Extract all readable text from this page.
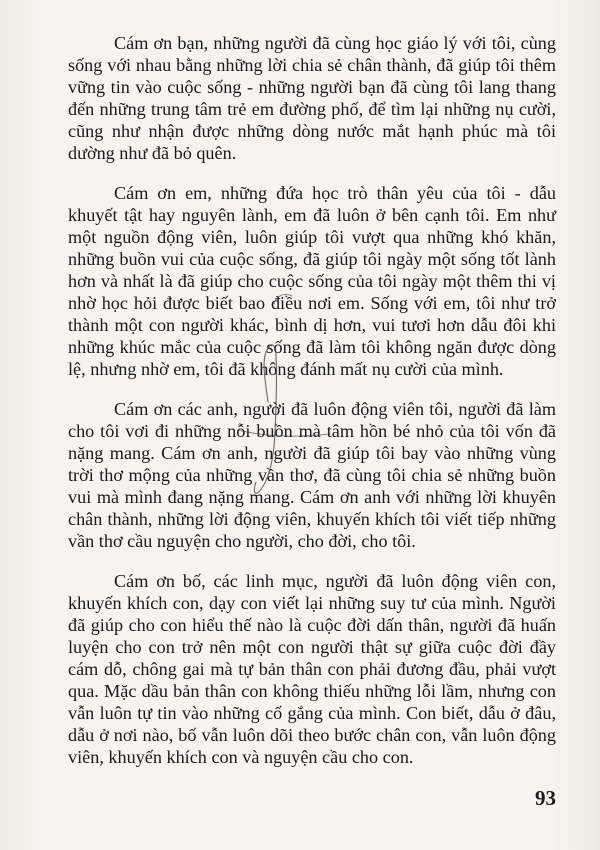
Cám ơn bạn, những người đã cùng học giáo lý với tôi, cùng sống với nhau bằng những lời chia sẻ chân thành, đã giúp tôi thêm vững tin vào cuộc sống - những người bạn đã cùng tôi lang thang đến những trung tâm trẻ em đường phố, để tìm lại những nụ cười, cũng như nhận được những dòng nước mắt hạnh phúc mà tôi dường như đã bỏ quên.

Cám ơn em, những đứa học trò thân yêu của tôi - dẫu khuyết tật hay nguyên lành, em đã luôn ở bên cạnh tôi. Em như một nguồn động viên, luôn giúp tôi vượt qua những khó khăn, những buồn vui của cuộc sống, đã giúp tôi ngày một sống tốt lành hơn và nhất là đã giúp cho cuộc sống của tôi ngày một thêm thi vị nhờ học hỏi được biết bao điều nơi em. Sống với em, tôi như trở thành một con người khác, bình dị hơn, vui tươi hơn dẫu đôi khi những khúc mắc của cuộc sống đã làm tôi không ngăn được dòng lệ, nhưng nhờ em, tôi đã không đánh mất nụ cười của mình.

Cám ơn các anh, người đã luôn động viên tôi, người đã làm cho tôi vơi đi những nỗi buồn mà tâm hồn bé nhỏ của tôi vốn đã nặng mang. Cám ơn anh, người đã giúp tôi bay vào những vùng trời thơ mộng của những vần thơ, đã cùng tôi chia sẻ những buồn vui mà mình đang nặng mang. Cám ơn anh với những lời khuyên chân thành, những lời động viên, khuyến khích tôi viết tiếp những vần thơ cầu nguyện cho người, cho đời, cho tôi.

Cám ơn bố, các linh mục, người đã luôn động viên con, khuyến khích con, dạy con viết lại những suy tư của mình. Người đã giúp cho con hiểu thế nào là cuộc đời dấn thân, người đã huấn luyện cho con trở nên một con người thật sự giữa cuộc đời đầy cám dỗ, chông gai mà tự bản thân con phải đương đầu, phải vượt qua. Mặc dầu bản thân con không thiếu những lỗi lầm, nhưng con vẫn luôn tự tin vào những cố gắng của mình. Con biết, dẫu ở đâu, dẫu ở nơi nào, bố vẫn luôn dõi theo bước chân con, vẫn luôn động viên, khuyến khích con và nguyện cầu cho con.

93
